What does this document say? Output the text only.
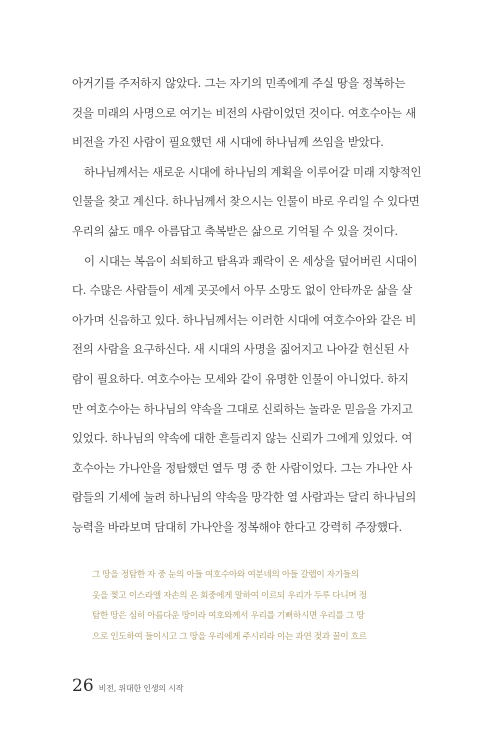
아거기를 주저하지 않았다. 그는 자기의 민족에게 주실 땅을 정복하는
것을 미래의 사명으로 여기는 비전의 사람이었던 것이다. 여호수아는 새
비전을 가진 사람이 필요했던 새 시대에 하나님께 쓰임을 받았다.
하나님께서는 새로운 시대에 하나님의 계획을 이루어갈 미래 지향적인
인물을 찾고 계신다. 하나님께서 찾으시는 인물이 바로 우리일 수 있다면
우리의 삶도 매우 아름답고 축복받은 삶으로 기억될 수 있을 것이다.
이 시대는 복음이 쇠퇴하고 탐욕과 쾌락이 온 세상을 덮어버린 시대이
다. 수많은 사람들이 세계 곳곳에서 아무 소망도 없이 안타까운 삶을 살
아가며 신음하고 있다. 하나님께서는 이러한 시대에 여호수아와 같은 비
전의 사람을 요구하신다. 새 시대의 사명을 짊어지고 나아갈 헌신된 사
람이 필요하다. 여호수아는 모세와 같이 유명한 인물이 아니었다. 하지
만 여호수아는 하나님의 약속을 그대로 신뢰하는 놀라운 믿음을 가지고
있었다. 하나님의 약속에 대한 흔들리지 않는 신뢰가 그에게 있었다. 여
호수아는 가나안을 정탐했던 열두 명 중 한 사람이었다. 그는 가나안 사
람들의 기세에 눌려 하나님의 약속을 망각한 열 사람과는 달리 하나님의
능력을 바라보며 담대히 가나안을 정복해야 한다고 강력히 주장했다.
그 땅을 정탐한 자 중 눈의 아들 여호수아와 여분네의 아들 갈렙이 자기들의
옷을 찢고 이스라엘 자손의 온 회중에게 말하여 이르되 우리가 두루 다니며 정
탐한 땅은 심히 아름다운 땅이라 여호와께서 우리를 기뻐하시면 우리를 그 땅
으로 인도하여 들이시고 그 땅을 우리에게 주시리라 이는 과연 젖과 꿀이 흐르
26 비전, 위대한 인생의 시작
